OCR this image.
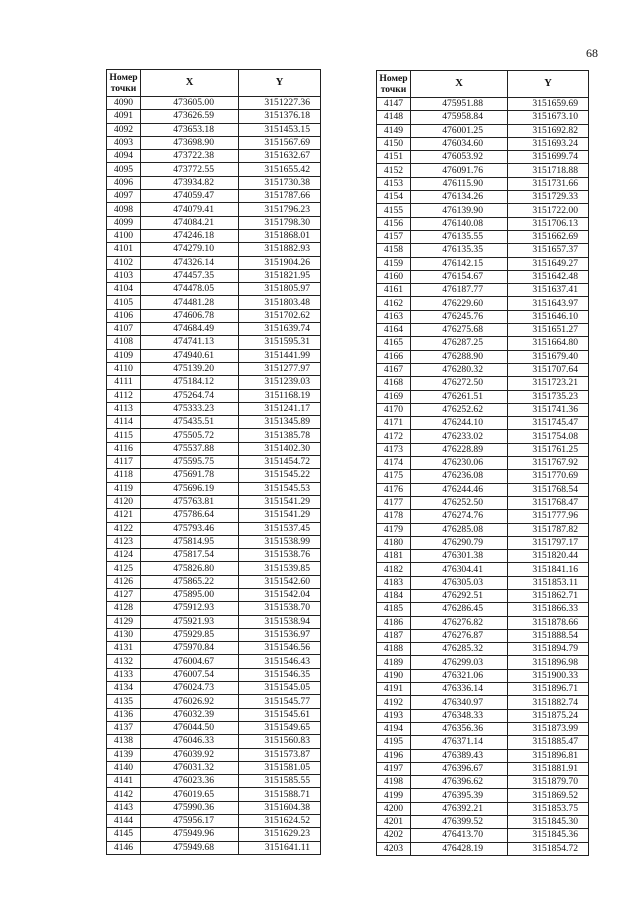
68
Номер
точки	X	Y
4090	473605.00	3151227.36
4091	473626.59	3151376.18
4092	473653.18	3151453.15
4093	473698.90	3151567.69
4094	473722.38	3151632.67
4095	473772.55	3151655.42
4096	473934.82	3151730.38
4097	474059.47	3151787.66
4098	474079.41	3151796.23
4099	474084.21	3151798.30
4100	474246.18	3151868.01
4101	474279.10	3151882.93
4102	474326.14	3151904.26
4103	474457.35	3151821.95
4104	474478.05	3151805.97
4105	474481.28	3151803.48
4106	474606.78	3151702.62
4107	474684.49	3151639.74
4108	474741.13	3151595.31
4109	474940.61	3151441.99
4110	475139.20	3151277.97
4111	475184.12	3151239.03
4112	475264.74	3151168.19
4113	475333.23	3151241.17
4114	475435.51	3151345.89
4115	475505.72	3151385.78
4116	475537.88	3151402.30
4117	475595.75	3151454.72
4118	475691.78	3151545.22
4119	475696.19	3151545.53
4120	475763.81	3151541.29
4121	475786.64	3151541.29
4122	475793.46	3151537.45
4123	475814.95	3151538.99
4124	475817.54	3151538.76
4125	475826.80	3151539.85
4126	475865.22	3151542.60
4127	475895.00	3151542.04
4128	475912.93	3151538.70
4129	475921.93	3151538.94
4130	475929.85	3151536.97
4131	475970.84	3151546.56
4132	476004.67	3151546.43
4133	476007.54	3151546.35
4134	476024.73	3151545.05
4135	476026.92	3151545.77
4136	476032.39	3151545.61
4137	476044.50	3151549.65
4138	476046.33	3151560.83
4139	476039.92	3151573.87
4140	476031.32	3151581.05
4141	476023.36	3151585.55
4142	476019.65	3151588.71
4143	475990.36	3151604.38
4144	475956.17	3151624.52
4145	475949.96	3151629.23
4146	475949.68	3151641.11
Номер
точки	X	Y
4147	475951.88	3151659.69
4148	475958.84	3151673.10
4149	476001.25	3151692.82
4150	476034.60	3151693.24
4151	476053.92	3151699.74
4152	476091.76	3151718.88
4153	476115.90	3151731.66
4154	476134.26	3151729.33
4155	476139.90	3151722.00
4156	476140.08	3151706.13
4157	476135.55	3151662.69
4158	476135.35	3151657.37
4159	476142.15	3151649.27
4160	476154.67	3151642.48
4161	476187.77	3151637.41
4162	476229.60	3151643.97
4163	476245.76	3151646.10
4164	476275.68	3151651.27
4165	476287.25	3151664.80
4166	476288.90	3151679.40
4167	476280.32	3151707.64
4168	476272.50	3151723.21
4169	476261.51	3151735.23
4170	476252.62	3151741.36
4171	476244.10	3151745.47
4172	476233.02	3151754.08
4173	476228.89	3151761.25
4174	476230.06	3151767.92
4175	476236.08	3151770.69
4176	476244.46	3151768.54
4177	476252.50	3151768.47
4178	476274.76	3151777.96
4179	476285.08	3151787.82
4180	476290.79	3151797.17
4181	476301.38	3151820.44
4182	476304.41	3151841.16
4183	476305.03	3151853.11
4184	476292.51	3151862.71
4185	476286.45	3151866.33
4186	476276.82	3151878.66
4187	476276.87	3151888.54
4188	476285.32	3151894.79
4189	476299.03	3151896.98
4190	476321.06	3151900.33
4191	476336.14	3151896.71
4192	476340.97	3151882.74
4193	476348.33	3151875.24
4194	476356.36	3151873.99
4195	476371.14	3151885.47
4196	476389.43	3151896.81
4197	476396.67	3151881.91
4198	476396.62	3151879.70
4199	476395.39	3151869.52
4200	476392.21	3151853.75
4201	476399.52	3151845.30
4202	476413.70	3151845.36
4203	476428.19	3151854.72
